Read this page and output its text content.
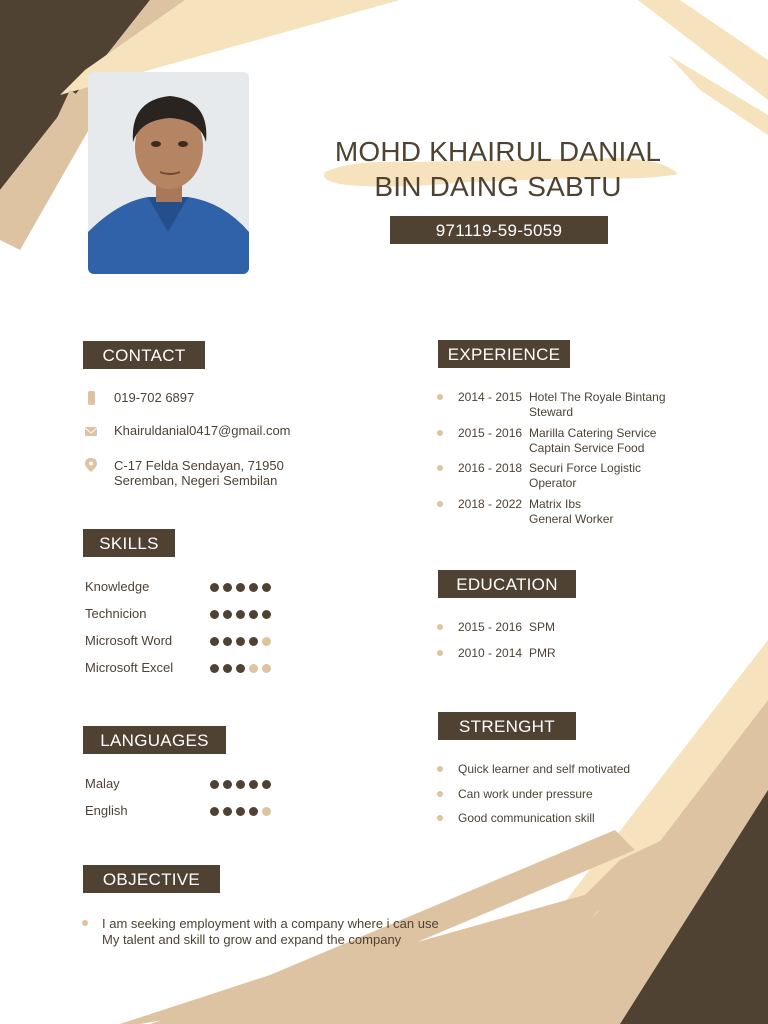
MOHD KHAIRUL DANIAL
BIN DAING SABTU
971119-59-5059
CONTACT
019-702 6897
Khairuldanial0417@gmail.com
C-17 Felda Sendayan, 71950
Seremban, Negeri Sembilan
SKILLS
Knowledge
Technicion
Microsoft Word
Microsoft Excel
LANGUAGES
Malay
English
OBJECTIVE
I am seeking employment with a company where i can use
My talent and skill to grow and expand the company
EXPERIENCE
2014 - 2015 Hotel The Royale Bintang
Steward
2015 - 2016 Marilla Catering Service
Captain Service Food
2016 - 2018 Securi Force Logistic
Operator
2018 - 2022 Matrix Ibs
General Worker
EDUCATION
2015 - 2016 SPM
2010 - 2014 PMR
STRENGHT
Quick learner and self motivated
Can work under pressure
Good communication skill
